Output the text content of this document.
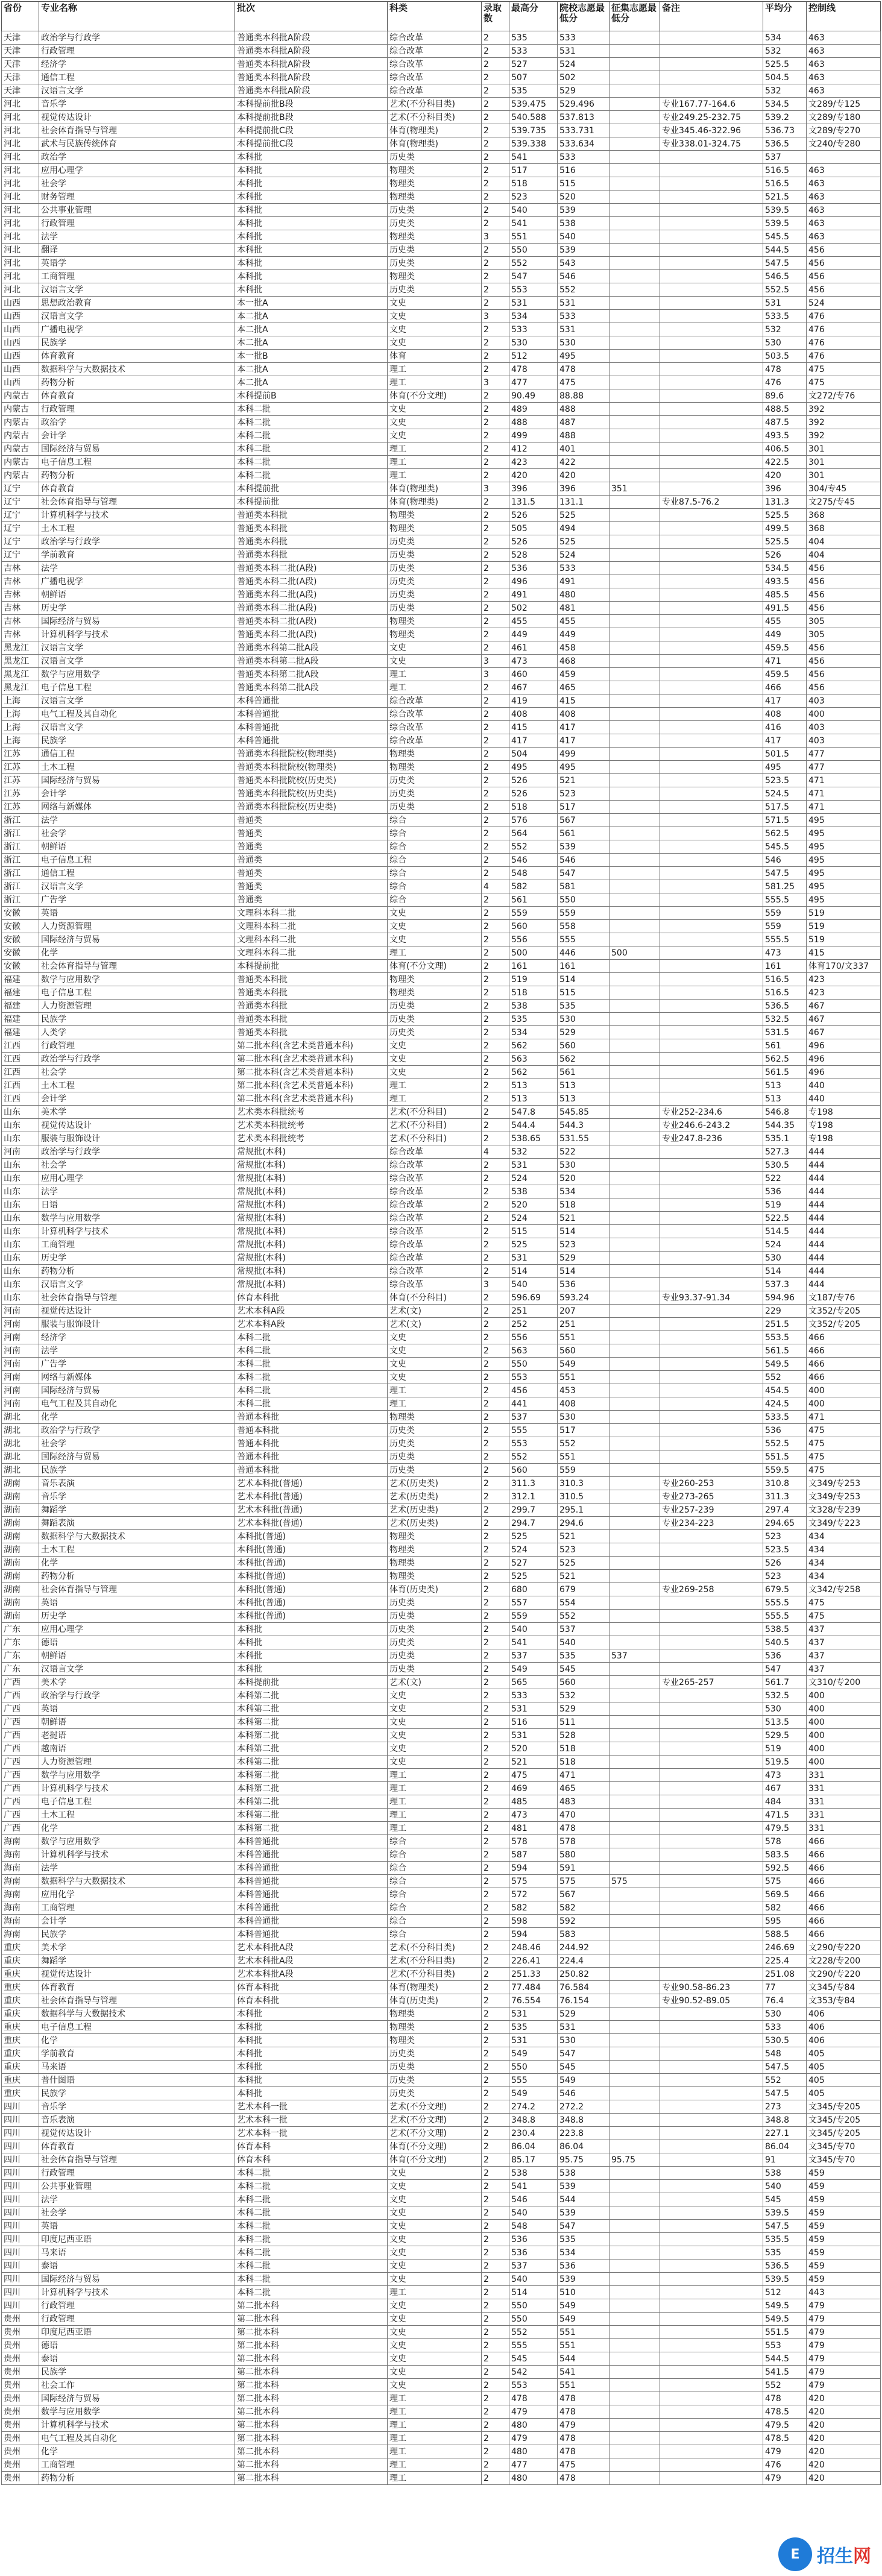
省份	专业名称	批次	科类	录取数	最高分	院校志愿最低分	征集志愿最低分	备注	平均分	控制线
天津	政治学与行政学	普通类本科批A阶段	综合改革	2	535	533			534	463
天津	行政管理	普通类本科批A阶段	综合改革	2	533	531			532	463
天津	经济学	普通类本科批A阶段	综合改革	2	527	524			525.5	463
天津	通信工程	普通类本科批A阶段	综合改革	2	507	502			504.5	463
天津	汉语言文学	普通类本科批A阶段	综合改革	2	535	529			532	463
河北	音乐学	本科提前批B段	艺术(不分科目类)	2	539.475	529.496		专业167.77-164.6	534.5	文289/专125
河北	视觉传达设计	本科提前批B段	艺术(不分科目类)	2	540.588	537.813		专业249.25-232.75	539.2	文289/专180
河北	社会体育指导与管理	本科提前批C段	体育(物理类)	2	539.735	533.731		专业345.46-322.96	536.73	文289/专270
河北	武术与民族传统体育	本科提前批C段	体育(物理类)	2	539.338	533.634		专业338.01-324.75	536.5	文240/专280
河北	政治学	本科批	历史类	2	541	533			537	
河北	应用心理学	本科批	物理类	2	517	516			516.5	463
河北	社会学	本科批	物理类	2	518	515			516.5	463
河北	财务管理	本科批	物理类	2	523	520			521.5	463
河北	公共事业管理	本科批	历史类	2	540	539			539.5	463
河北	行政管理	本科批	历史类	2	541	538			539.5	463
河北	法学	本科批	物理类	3	551	540			545.5	463
河北	翻译	本科批	历史类	2	550	539			544.5	456
河北	英语学	本科批	历史类	2	552	543			547.5	456
河北	工商管理	本科批	物理类	2	547	546			546.5	456
河北	汉语言文学	本科批	历史类	2	553	552			552.5	456
山西	思想政治教育	本一批A	文史	2	531	531			531	524
山西	汉语言文学	本二批A	文史	3	534	533			533.5	476
山西	广播电视学	本二批A	文史	2	533	531			532	476
山西	民族学	本二批A	文史	2	530	530			530	476
山西	体育教育	本一批B	体育	2	512	495			503.5	476
山西	数据科学与大数据技术	本二批A	理工	2	478	478			478	475
山西	药物分析	本二批A	理工	3	477	475			476	475
内蒙古	体育教育	本科提前B	体育(不分文理)	2	90.49	88.88			89.6	文272/专76
内蒙古	行政管理	本科二批	文史	2	489	488			488.5	392
内蒙古	政治学	本科二批	文史	2	488	487			487.5	392
内蒙古	会计学	本科二批	文史	2	499	488			493.5	392
内蒙古	国际经济与贸易	本科二批	理工	2	412	401			406.5	301
内蒙古	电子信息工程	本科二批	理工	2	423	422			422.5	301
内蒙古	药物分析	本科二批	理工	2	420	420			420	301
辽宁	体育教育	本科提前批	体育(物理类)	3	396	396	351		396	304/专45
辽宁	社会体育指导与管理	本科提前批	体育(物理类)	2	131.5	131.1		专业87.5-76.2	131.3	文275/专45
辽宁	计算机科学与技术	普通类本科批	物理类	2	526	525			525.5	368
辽宁	土木工程	普通类本科批	物理类	2	505	494			499.5	368
辽宁	政治学与行政学	普通类本科批	历史类	2	526	525			525.5	404
辽宁	学前教育	普通类本科批	历史类	2	528	524			526	404
吉林	法学	普通类本科二批(A段)	历史类	2	536	533			534.5	456
吉林	广播电视学	普通类本科二批(A段)	历史类	2	496	491			493.5	456
吉林	朝鲜语	普通类本科二批(A段)	历史类	2	491	480			485.5	456
吉林	历史学	普通类本科二批(A段)	历史类	2	502	481			491.5	456
吉林	国际经济与贸易	普通类本科二批(A段)	物理类	2	455	455			455	305
吉林	计算机科学与技术	普通类本科二批(A段)	物理类	2	449	449			449	305
黑龙江	汉语言文学	普通类本科第二批A段	文史	2	461	458			459.5	456
黑龙江	汉语言文学	普通类本科第二批A段	文史	3	473	468			471	456
黑龙江	数学与应用数学	普通类本科第二批A段	理工	3	460	459			459.5	456
黑龙江	电子信息工程	普通类本科第二批A段	理工	2	467	465			466	456
上海	汉语言文学	本科普通批	综合改革	2	419	415			417	403
上海	电气工程及其自动化	本科普通批	综合改革	2	408	408			408	400
上海	汉语言文学	本科普通批	综合改革	2	415	417			416	403
上海	民族学	本科普通批	综合改革	2	417	417			417	403
江苏	通信工程	普通类本科批院校(物理类)	物理类	2	504	499			501.5	477
江苏	土木工程	普通类本科批院校(物理类)	物理类	2	495	495			495	477
江苏	国际经济与贸易	普通类本科批院校(历史类)	历史类	2	526	521			523.5	471
江苏	会计学	普通类本科批院校(历史类)	历史类	2	526	523			524.5	471
江苏	网络与新媒体	普通类本科批院校(历史类)	历史类	2	518	517			517.5	471
浙江	法学	普通类	综合	2	576	567			571.5	495
浙江	社会学	普通类	综合	2	564	561			562.5	495
浙江	朝鲜语	普通类	综合	2	552	539			545.5	495
浙江	电子信息工程	普通类	综合	2	546	546			546	495
浙江	通信工程	普通类	综合	2	548	547			547.5	495
浙江	汉语言文学	普通类	综合	4	582	581			581.25	495
浙江	广告学	普通类	综合	2	561	550			555.5	495
安徽	英语	文理科本科二批	文史	2	559	559			559	519
安徽	人力资源管理	文理科本科二批	文史	2	560	558			559	519
安徽	国际经济与贸易	文理科本科二批	文史	2	556	555			555.5	519
安徽	化学	文理科本科二批	理工	2	500	446	500		473	415
安徽	社会体育指导与管理	本科提前批	体育(不分文理)	2	161	161			161	体育170/文337
福建	数学与应用数学	普通类本科批	物理类	2	519	514			516.5	423
福建	电子信息工程	普通类本科批	物理类	2	518	515			516.5	423
福建	人力资源管理	普通类本科批	历史类	2	538	535			536.5	467
福建	民族学	普通类本科批	历史类	2	535	530			532.5	467
福建	人类学	普通类本科批	历史类	2	534	529			531.5	467
江西	行政管理	第二批本科(含艺术类普通本科)	文史	2	562	560			561	496
江西	政治学与行政学	第二批本科(含艺术类普通本科)	文史	2	563	562			562.5	496
江西	社会学	第二批本科(含艺术类普通本科)	文史	2	562	561			561.5	496
江西	土木工程	第二批本科(含艺术类普通本科)	理工	2	513	513			513	440
江西	会计学	第二批本科(含艺术类普通本科)	理工	2	513	513			513	440
山东	美术学	艺术类本科批统考	艺术(不分科目)	2	547.8	545.85		专业252-234.6	546.8	专198
山东	视觉传达设计	艺术类本科批统考	艺术(不分科目)	2	544.4	544.3		专业246.6-243.2	544.35	专198
山东	服装与服饰设计	艺术类本科批统考	艺术(不分科目)	2	538.65	531.55		专业247.8-236	535.1	专198
河南	政治学与行政学	常规批(本科)	综合改革	4	532	522			527.3	444
山东	社会学	常规批(本科)	综合改革	2	531	530			530.5	444
山东	应用心理学	常规批(本科)	综合改革	2	524	520			522	444
山东	法学	常规批(本科)	综合改革	2	538	534			536	444
山东	日语	常规批(本科)	综合改革	2	520	518			519	444
山东	数学与应用数学	常规批(本科)	综合改革	2	524	521			522.5	444
山东	计算机科学与技术	常规批(本科)	综合改革	2	515	514			514.5	444
山东	工商管理	常规批(本科)	综合改革	2	525	523			524	444
山东	历史学	常规批(本科)	综合改革	2	531	529			530	444
山东	药物分析	常规批(本科)	综合改革	2	514	514			514	444
山东	汉语言文学	常规批(本科)	综合改革	3	540	536			537.3	444
山东	社会体育指导与管理	体育本科批	体育(不分科目)	2	596.69	593.24		专业93.37-91.34	594.96	文187/专76
河南	视觉传达设计	艺术本科A段	艺术(文)	2	251	207			229	文352/专205
河南	服装与服饰设计	艺术本科A段	艺术(文)	2	252	251			251.5	文352/专205
河南	经济学	本科二批	文史	2	556	551			553.5	466
河南	法学	本科二批	文史	2	563	560			561.5	466
河南	广告学	本科二批	文史	2	550	549			549.5	466
河南	网络与新媒体	本科二批	文史	2	553	551			552	466
河南	国际经济与贸易	本科二批	理工	2	456	453			454.5	400
河南	电气工程及其自动化	本科二批	理工	2	441	408			424.5	400
湖北	化学	普通本科批	物理类	2	537	530			533.5	471
湖北	政治学与行政学	普通本科批	历史类	2	555	517			536	475
湖北	社会学	普通本科批	历史类	2	553	552			552.5	475
湖北	国际经济与贸易	普通本科批	历史类	2	552	551			551.5	475
湖北	民族学	普通本科批	历史类	2	560	559			559.5	475
湖南	音乐表演	艺术本科批(普通)	艺术(历史类)	2	311.3	310.3		专业260-253	310.8	文349/专253
湖南	音乐学	艺术本科批(普通)	艺术(历史类)	2	312.1	310.5		专业273-265	311.3	文349/专253
湖南	舞蹈学	艺术本科批(普通)	艺术(历史类)	2	299.7	295.1		专业257-239	297.4	文328/专239
湖南	舞蹈表演	艺术本科批(普通)	艺术(历史类)	2	294.7	294.6		专业234-223	294.65	文349/专223
湖南	数据科学与大数据技术	本科批(普通)	物理类	2	525	521			523	434
湖南	土木工程	本科批(普通)	物理类	2	524	523			523.5	434
湖南	化学	本科批(普通)	物理类	2	527	525			526	434
湖南	药物分析	本科批(普通)	物理类	2	525	521			523	434
湖南	社会体育指导与管理	本科批(普通)	体育(历史类)	2	680	679		专业269-258	679.5	文342/专258
湖南	英语	本科批(普通)	历史类	2	557	554			555.5	475
湖南	历史学	本科批(普通)	历史类	2	559	552			555.5	475
广东	应用心理学	本科批	历史类	2	540	537			538.5	437
广东	德语	本科批	历史类	2	541	540			540.5	437
广东	朝鲜语	本科批	历史类	2	537	535	537		536	437
广东	汉语言文学	本科批	历史类	2	549	545			547	437
广西	美术学	本科提前批	艺术(文)	2	565	560		专业265-257	561.7	文310/专200
广西	政治学与行政学	本科第二批	文史	2	533	532			532.5	400
广西	英语	本科第二批	文史	2	531	529			530	400
广西	朝鲜语	本科第二批	文史	2	516	511			513.5	400
广西	老挝语	本科第二批	文史	2	531	528			529.5	400
广西	越南语	本科第二批	文史	2	520	518			519	400
广西	人力资源管理	本科第二批	文史	2	521	518			519.5	400
广西	数学与应用数学	本科第二批	理工	2	475	471			473	331
广西	计算机科学与技术	本科第二批	理工	2	469	465			467	331
广西	电子信息工程	本科第二批	理工	2	485	483			484	331
广西	土木工程	本科第二批	理工	2	473	470			471.5	331
广西	化学	本科第二批	理工	2	481	478			479.5	331
海南	数学与应用数学	本科普通批	综合	2	578	578			578	466
海南	计算机科学与技术	本科普通批	综合	2	587	580			583.5	466
海南	法学	本科普通批	综合	2	594	591			592.5	466
海南	数据科学与大数据技术	本科普通批	综合	2	575	575	575		575	466
海南	应用化学	本科普通批	综合	2	572	567			569.5	466
海南	工商管理	本科普通批	综合	2	582	582			582	466
海南	会计学	本科普通批	综合	2	598	592			595	466
海南	民族学	本科普通批	综合	2	594	583			588.5	466
重庆	美术学	艺术本科批A段	艺术(不分科目类)	2	248.46	244.92			246.69	文290/专220
重庆	舞蹈学	艺术本科批A段	艺术(不分科目类)	2	226.41	224.4			225.4	文228/专200
重庆	视觉传达设计	艺术本科批A段	艺术(不分科目类)	2	251.33	250.82			251.08	文290/专220
重庆	体育教育	体育本科批	体育(物理类)	2	77.484	76.584		专业90.58-86.23	77	文345/专84
重庆	社会体育指导与管理	体育本科批	体育(历史类)	2	76.554	76.154		专业90.52-89.05	76.4	文353/专84
重庆	数据科学与大数据技术	本科批	物理类	2	531	529			530	406
重庆	电子信息工程	本科批	物理类	2	535	531			533	406
重庆	化学	本科批	物理类	2	531	530			530.5	406
重庆	学前教育	本科批	历史类	2	549	547			548	405
重庆	马来语	本科批	历史类	2	550	545			547.5	405
重庆	普什图语	本科批	历史类	2	555	549			552	405
重庆	民族学	本科批	历史类	2	549	546			547.5	405
四川	音乐学	艺术本科一批	艺术(不分文理)	2	274.2	272.2			273	文345/专205
四川	音乐表演	艺术本科一批	艺术(不分文理)	2	348.8	348.8			348.8	文345/专205
四川	视觉传达设计	艺术本科一批	艺术(不分文理)	2	230.4	223.8			227.1	文345/专205
四川	体育教育	体育本科	体育(不分文理)	2	86.04	86.04			86.04	文345/专70
四川	社会体育指导与管理	体育本科	体育(不分文理)	2	85.17	95.75	95.75		91	文345/专70
四川	行政管理	本科二批	文史	2	538	538			538	459
四川	公共事业管理	本科二批	文史	2	541	539			540	459
四川	法学	本科二批	文史	2	546	544			545	459
四川	社会学	本科二批	文史	2	540	539			539.5	459
四川	英语	本科二批	文史	2	548	547			547.5	459
四川	印度尼西亚语	本科二批	文史	2	536	535			535.5	459
四川	马来语	本科二批	文史	2	536	534			535	459
四川	泰语	本科二批	文史	2	537	536			536.5	459
四川	国际经济与贸易	本科二批	文史	2	540	539			539.5	459
四川	计算机科学与技术	本科二批	理工	2	514	510			512	443
四川	行政管理	第二批本科	文史	2	550	549			549.5	479
贵州	行政管理	第二批本科	文史	2	550	549			549.5	479
贵州	印度尼西亚语	第二批本科	文史	2	552	551			551.5	479
贵州	德语	第二批本科	文史	2	555	551			553	479
贵州	泰语	第二批本科	文史	2	545	544			544.5	479
贵州	民族学	第二批本科	文史	2	542	541			541.5	479
贵州	社会工作	第二批本科	文史	2	553	551			552	479
贵州	国际经济与贸易	第二批本科	理工	2	478	478			478	420
贵州	数学与应用数学	第二批本科	理工	2	479	478			478.5	420
贵州	计算机科学与技术	第二批本科	理工	2	480	479			479.5	420
贵州	电气工程及其自动化	第二批本科	理工	2	479	478			478.5	420
贵州	化学	第二批本科	理工	2	480	478			479	420
贵州	工商管理	第二批本科	理工	2	477	475			476	420
贵州	药物分析	第二批本科	理工	2	480	478			479	420
E 招生网
